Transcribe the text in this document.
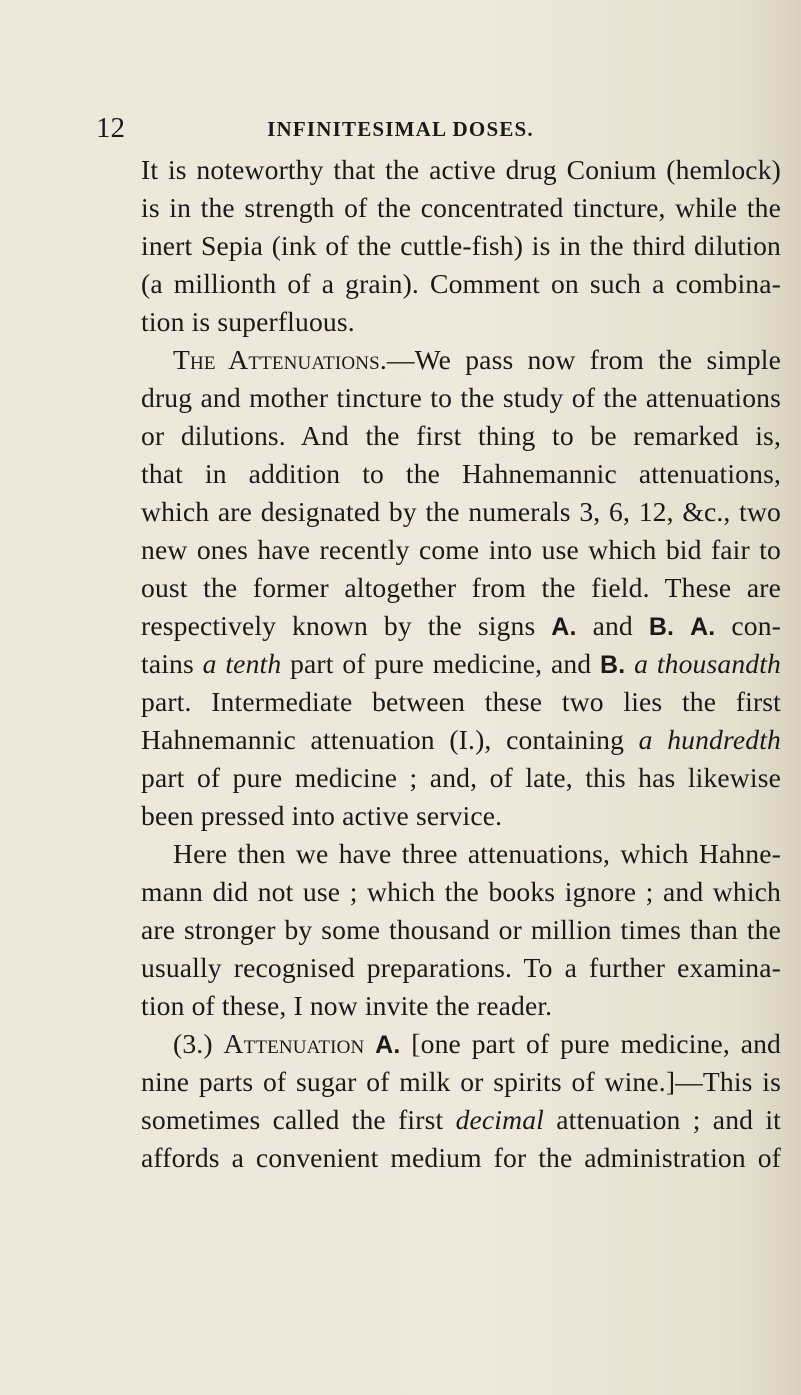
12	INFINITESIMAL DOSES.
It is noteworthy that the active drug Conium (hemlock)
is in the strength of the concentrated tincture, while the
inert Sepia (ink of the cuttle-fish) is in the third dilution
(a millionth of a grain). Comment on such a combina-
tion is superfluous.
The Attenuations.—We pass now from the simple
drug and mother tincture to the study of the attenuations
or dilutions. And the first thing to be remarked is,
that in addition to the Hahnemannic attenuations,
which are designated by the numerals 3, 6, 12, &c., two
new ones have recently come into use which bid fair to
oust the former altogether from the field. These are
respectively known by the signs A. and B. A. con-
tains a tenth part of pure medicine, and B. a thousandth
part. Intermediate between these two lies the first
Hahnemannic attenuation (I.), containing a hundredth
part of pure medicine ; and, of late, this has likewise
been pressed into active service.
Here then we have three attenuations, which Hahne-
mann did not use ; which the books ignore ; and which
are stronger by some thousand or million times than the
usually recognised preparations. To a further examina-
tion of these, I now invite the reader.
(3.) Attenuation A. [one part of pure medicine, and
nine parts of sugar of milk or spirits of wine.]—This is
sometimes called the first decimal attenuation ; and it
affords a convenient medium for the administration of
